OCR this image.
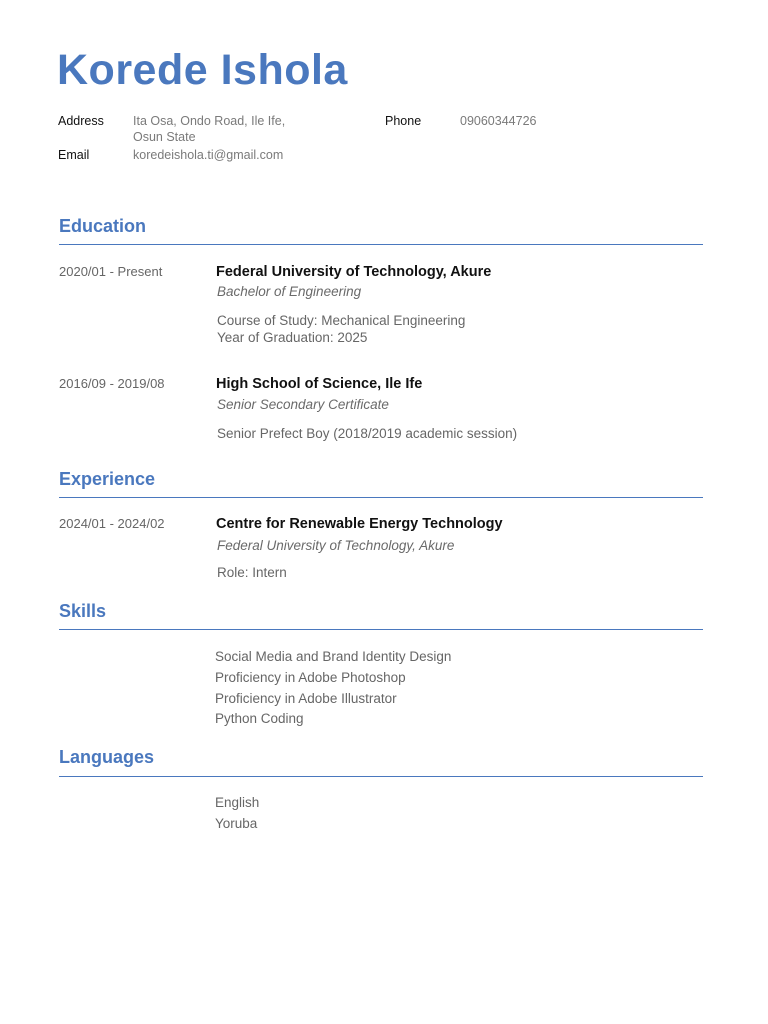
Korede Ishola
Address Ita Osa, Ondo Road, Ile Ife,
Osun State
Phone	09060344726
Email	koredeishola.ti@gmail.com
Education
2020/01 - Present	Federal University of Technology, Akure
Bachelor of Engineering
Course of Study: Mechanical Engineering
Year of Graduation: 2025
2016/09 - 2019/08	High School of Science, Ile Ife
Senior Secondary Certificate
Senior Prefect Boy (2018/2019 academic session)
Experience
2024/01 - 2024/02	Centre for Renewable Energy Technology
Federal University of Technology, Akure
Role: Intern
Skills
Social Media and Brand Identity Design
Proficiency in Adobe Photoshop
Proficiency in Adobe Illustrator
Python Coding
Languages
English
Yoruba
